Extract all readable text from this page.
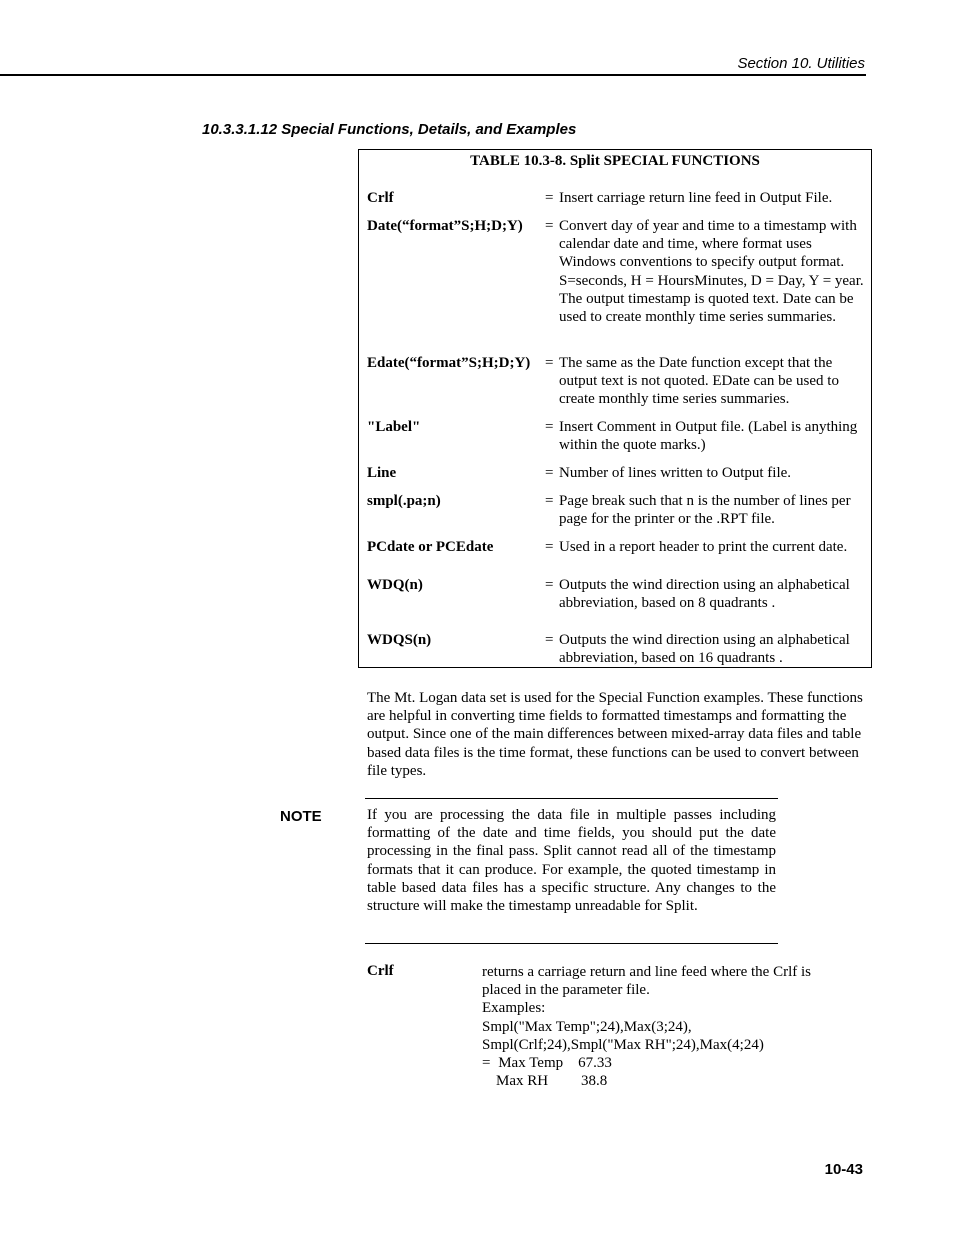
Section 10. Utilities
10.3.3.1.12 Special Functions, Details, and Examples
TABLE 10.3-8. Split SPECIAL FUNCTIONS
Crlf	= Insert carriage return line feed in Output File.
Date(“format”S;H;D;Y) = Convert day of year and time to a timestamp with calendar date and time, where format uses Windows conventions to specify output format. S=seconds, H = HoursMinutes, D = Day, Y = year. The output timestamp is quoted text. Date can be used to create monthly time series summaries.
Edate(“format”S;H;D;Y) = The same as the Date function except that the output text is not quoted. EDate can be used to create monthly time series summaries.
"Label"	= Insert Comment in Output file. (Label is anything within the quote marks.)
Line	= Number of lines written to Output file.
smpl(.pa;n)	= Page break such that n is the number of lines per page for the printer or the .RPT file.
PCdate or PCEdate	= Used in a report header to print the current date.
WDQ(n)	= Outputs the wind direction using an alphabetical abbreviation, based on 8 quadrants .
WDQS(n)	= Outputs the wind direction using an alphabetical abbreviation, based on 16 quadrants .
The Mt. Logan data set is used for the Special Function examples. These functions are helpful in converting time fields to formatted timestamps and formatting the output. Since one of the main differences between mixed-array data files and table based data files is the time format, these functions can be used to convert between file types.
NOTE	If you are processing the data file in multiple passes including formatting of the date and time fields, you should put the date processing in the final pass. Split cannot read all of the timestamp formats that it can produce. For example, the quoted timestamp in table based data files has a specific structure. Any changes to the structure will make the timestamp unreadable for Split.
Crlf	returns a carriage return and line feed where the Crlf is
placed in the parameter file.
Examples:
Smpl("Max Temp";24),Max(3;24),
Smpl(Crlf;24),Smpl("Max RH";24),Max(4;24)
= Max Temp 67.33
Max RH 38.8
10-43
